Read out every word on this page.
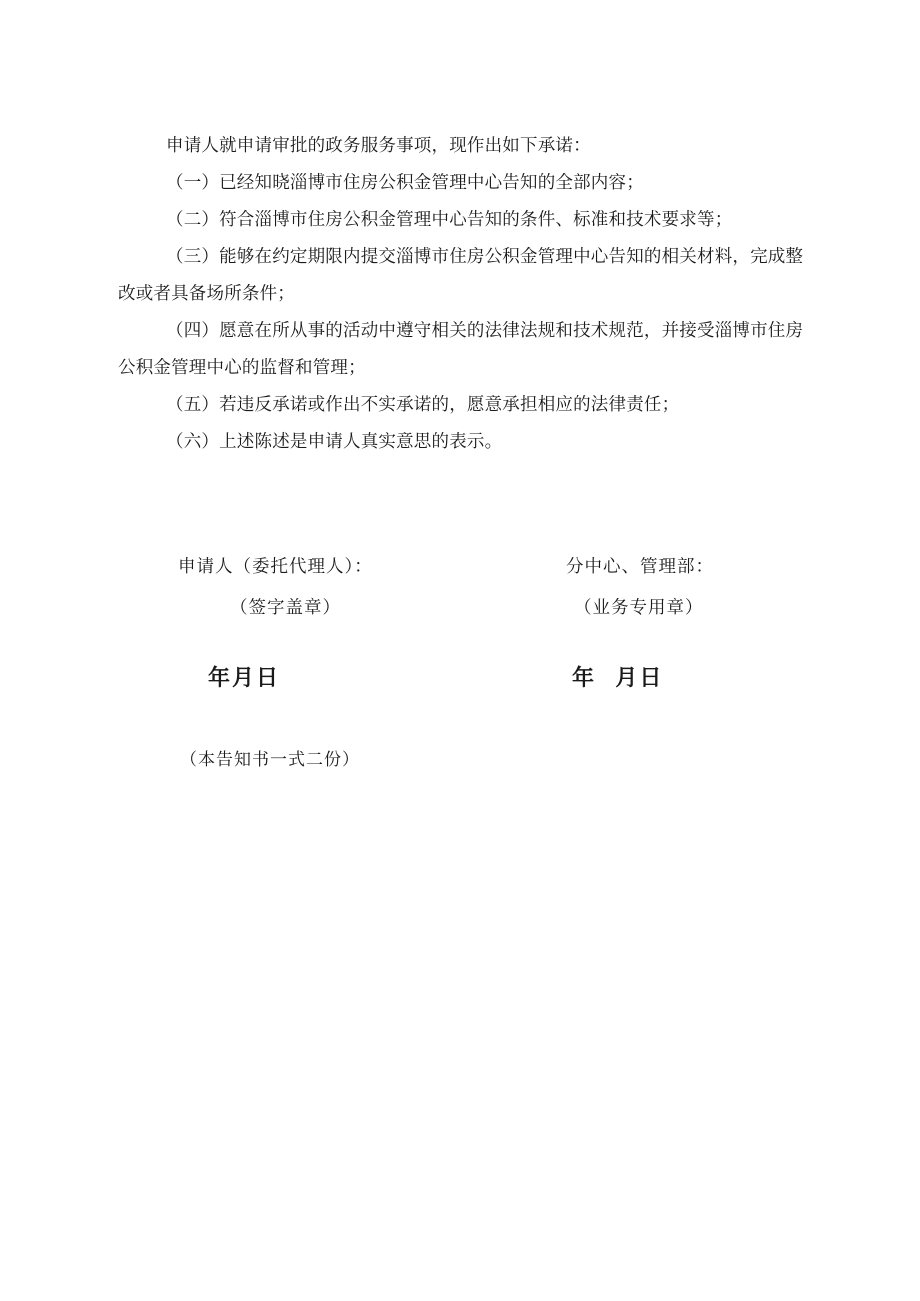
申请人就申请审批的政务服务事项，现作出如下承诺：

（一）已经知晓淄博市住房公积金管理中心告知的全部内容；

（二）符合淄博市住房公积金管理中心告知的条件、标准和技术要求等；

（三）能够在约定期限内提交淄博市住房公积金管理中心告知的相关材料，完成整改或者具备场所条件；

（四）愿意在所从事的活动中遵守相关的法律法规和技术规范，并接受淄博市住房公积金管理中心的监督和管理；

（五）若违反承诺或作出不实承诺的，愿意承担相应的法律责任；

（六）上述陈述是申请人真实意思的表示。

申请人（委托代理人）：
（签字盖章）
年月日
分中心、管理部：
（业务专用章）
年  月日
（本告知书一式二份）
